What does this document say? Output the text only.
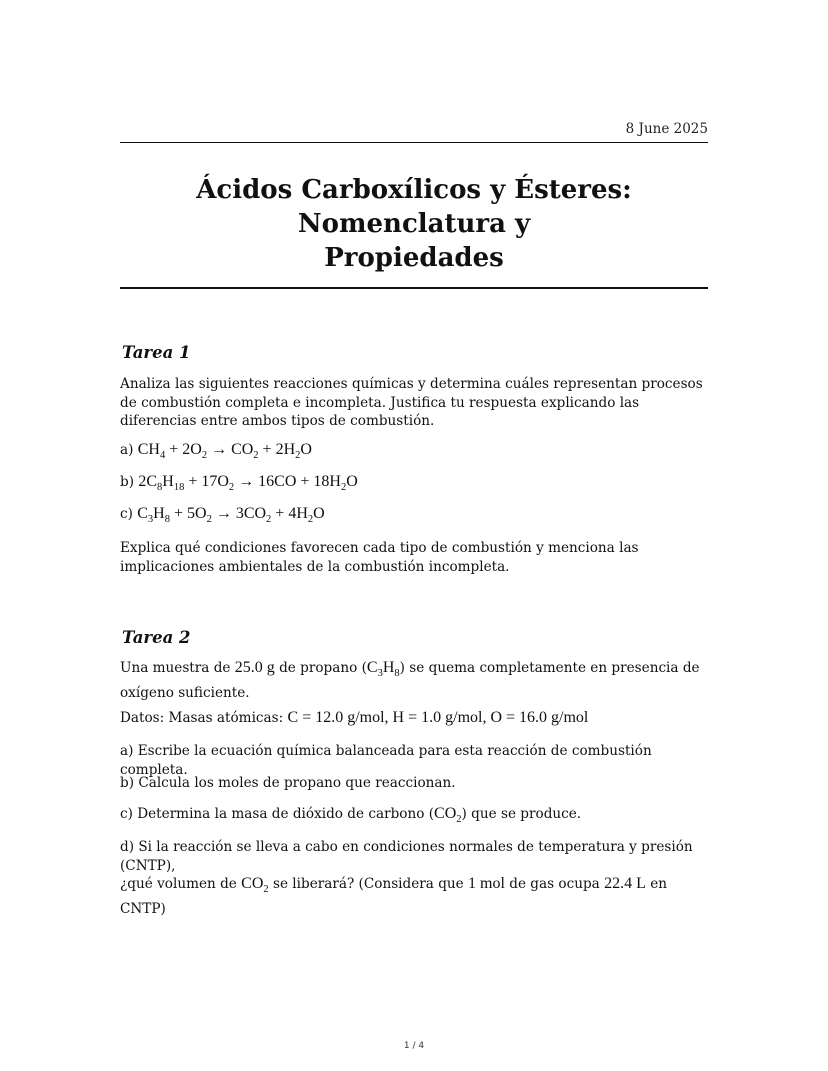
8 June 2025
Ácidos Carboxílicos y Ésteres: Nomenclatura y
Propiedades
Tarea 1
Analiza las siguientes reacciones químicas y determina cuáles representan procesos de combustión completa e incompleta. Justifica tu respuesta explicando las diferencias entre ambos tipos de combustión.
a) $CH_4 + 2O_2 \to CO_2 + 2H_2O$
b) $2C_8H_{18} + 17O_2 \to 16CO + 18H_2O$
c) $C_3H_8 + 5O_2 \to 3CO_2 + 4H_2O$
Explica qué condiciones favorecen cada tipo de combustión y menciona las implicaciones ambientales de la combustión incompleta.
Tarea 2
Una muestra de 25.0 g de propano $(C_3H_8)$ se quema completamente en presencia de oxígeno suficiente.
Datos: Masas atómicas: C = 12.0 g/mol, H = 1.0 g/mol, O = 16.0 g/mol
a) Escribe la ecuación química balanceada para esta reacción de combustión completa.
b) Calcula los moles de propano que reaccionan.
c) Determina la masa de dióxido de carbono $(CO_2)$ que se produce.
d) Si la reacción se lleva a cabo en condiciones normales de temperatura y presión (CNTP),
¿qué volumen de $CO_2$ se liberará? (Considera que 1 mol de gas ocupa 22.4 L en CNTP)
1 / 4
